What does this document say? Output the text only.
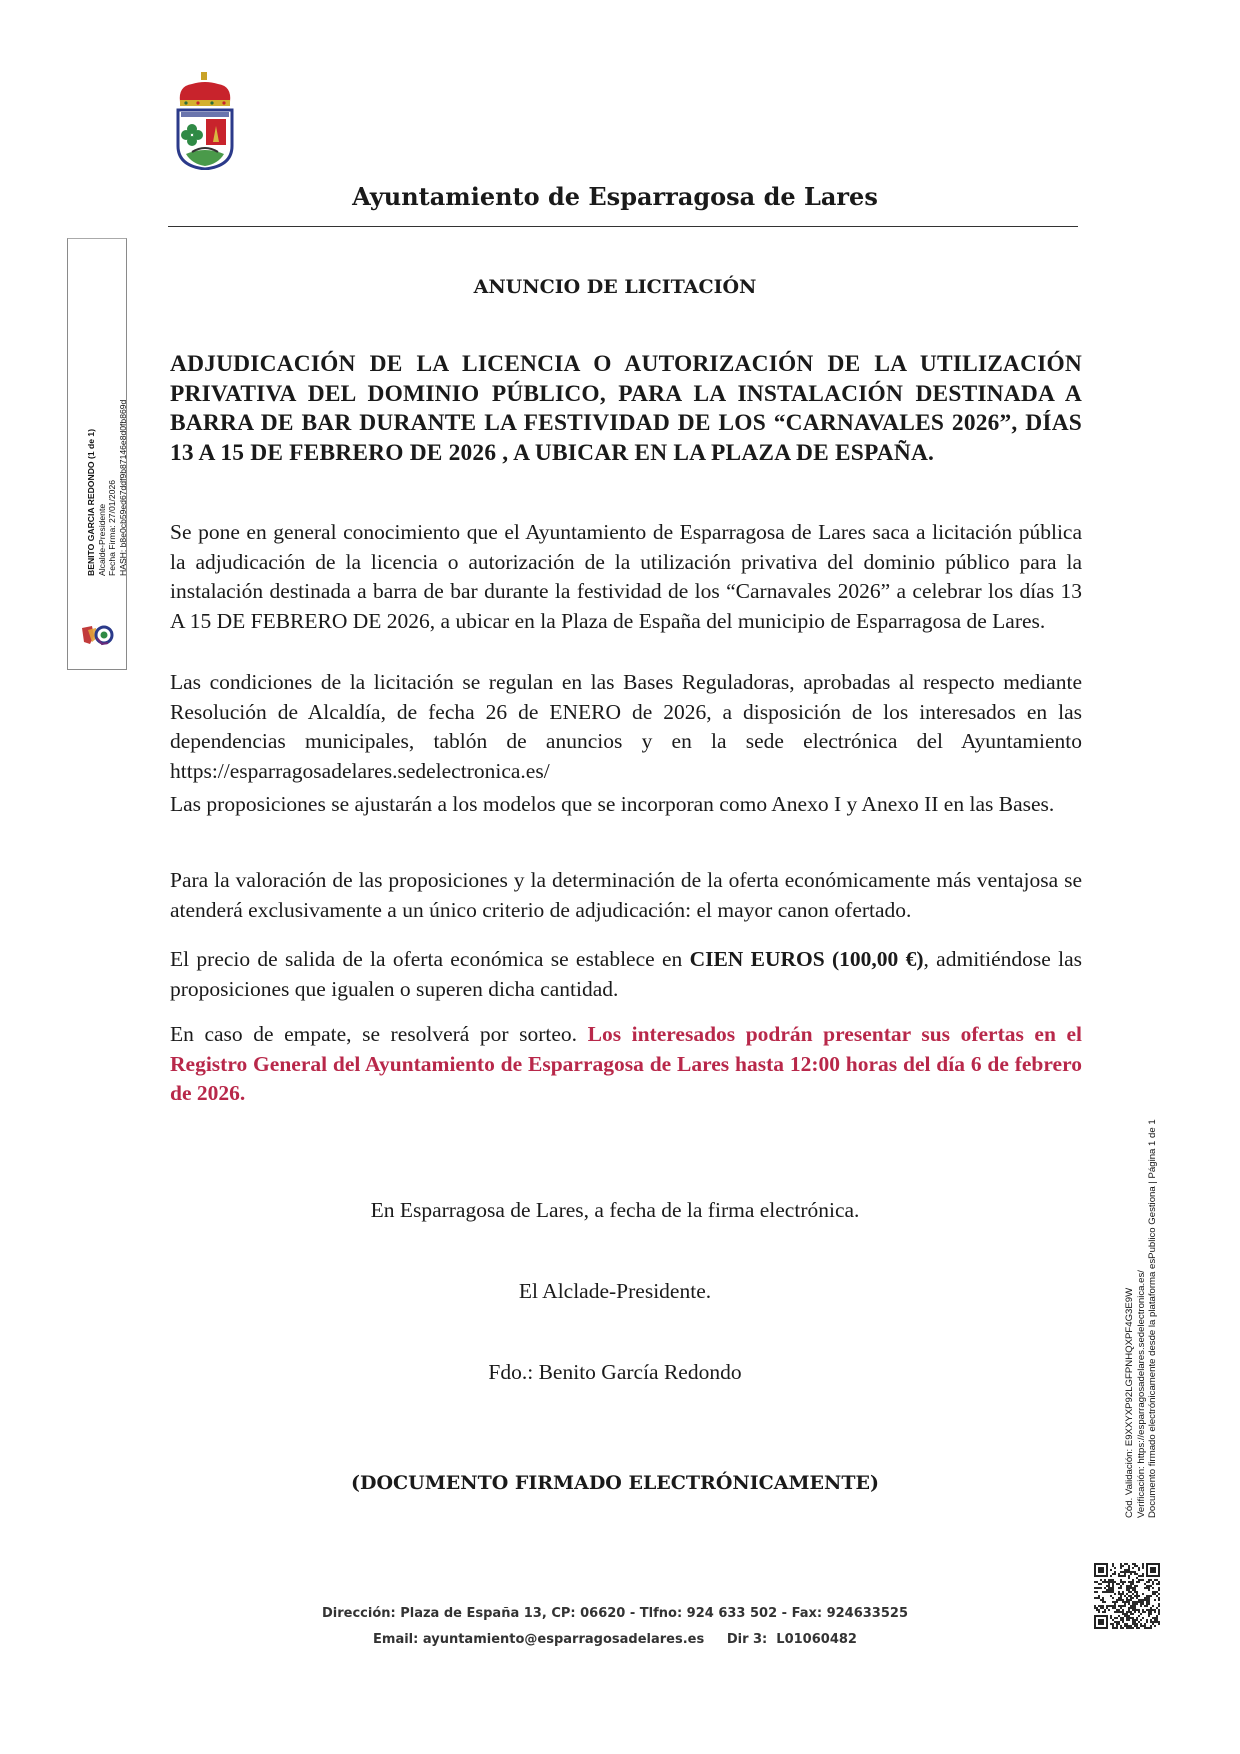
Ayuntamiento de Esparragosa de Lares
ANUNCIO DE LICITACIÓN
ADJUDICACIÓN DE LA LICENCIA O AUTORIZACIÓN DE LA UTILIZACIÓN PRIVATIVA DEL DOMINIO PÚBLICO, PARA LA INSTALACIÓN DESTINADA A BARRA DE BAR DURANTE LA FESTIVIDAD DE LOS “CARNAVALES 2026”, DÍAS 13 A 15 DE FEBRERO DE 2026 , A UBICAR EN LA PLAZA DE ESPAÑA.
Se pone en general conocimiento que el Ayuntamiento de Esparragosa de Lares saca a licitación pública la adjudicación de la licencia o autorización de la utilización privativa del dominio público para la instalación destinada a barra de bar durante la festividad de los “Carnavales 2026” a celebrar los días 13 A 15 DE FEBRERO DE 2026, a ubicar en la Plaza de España del municipio de Esparragosa de Lares.
Las condiciones de la licitación se regulan en las Bases Reguladoras, aprobadas al respecto mediante Resolución de Alcaldía, de fecha 26 de ENERO de 2026, a disposición de los interesados en las dependencias municipales, tablón de anuncios y en la sede electrónica del Ayuntamiento https://esparragosadelares.sedelectronica.es/
Las proposiciones se ajustarán a los modelos que se incorporan como Anexo I y Anexo II en las Bases.
Para la valoración de las proposiciones y la determinación de la oferta económicamente más ventajosa se atenderá exclusivamente a un único criterio de adjudicación: el mayor canon ofertado.
El precio de salida de la oferta económica se establece en CIEN EUROS (100,00 €), admitiéndose las proposiciones que igualen o superen dicha cantidad.
En caso de empate, se resolverá por sorteo. Los interesados podrán presentar sus ofertas en el Registro General del Ayuntamiento de Esparragosa de Lares hasta 12:00 horas del día 6 de febrero de 2026.
En Esparragosa de Lares, a fecha de la firma electrónica.
El Alclade-Presidente.
Fdo.: Benito García Redondo
(DOCUMENTO FIRMADO ELECTRÓNICAMENTE)
Dirección: Plaza de España 13, CP: 06620 - Tlfno: 924 633 502 - Fax: 924633525
Email: ayuntamiento@esparragosadelares.es     Dir 3:  L01060482
BENITO GARCIA REDONDO (1 de 1) Alcalde-Presidente Fecha Firma: 27/01/2026 HASH: b8e0cb59ed67ddf9b87146e8d0fb869d
Cód. Validación: E9XXYXP92LGFPNHQXPF4G3E9W Verificación: https://esparragosadelares.sedelectronica.es/ Documento firmado electrónicamente desde la plataforma esPublico Gestiona | Página 1 de 1
